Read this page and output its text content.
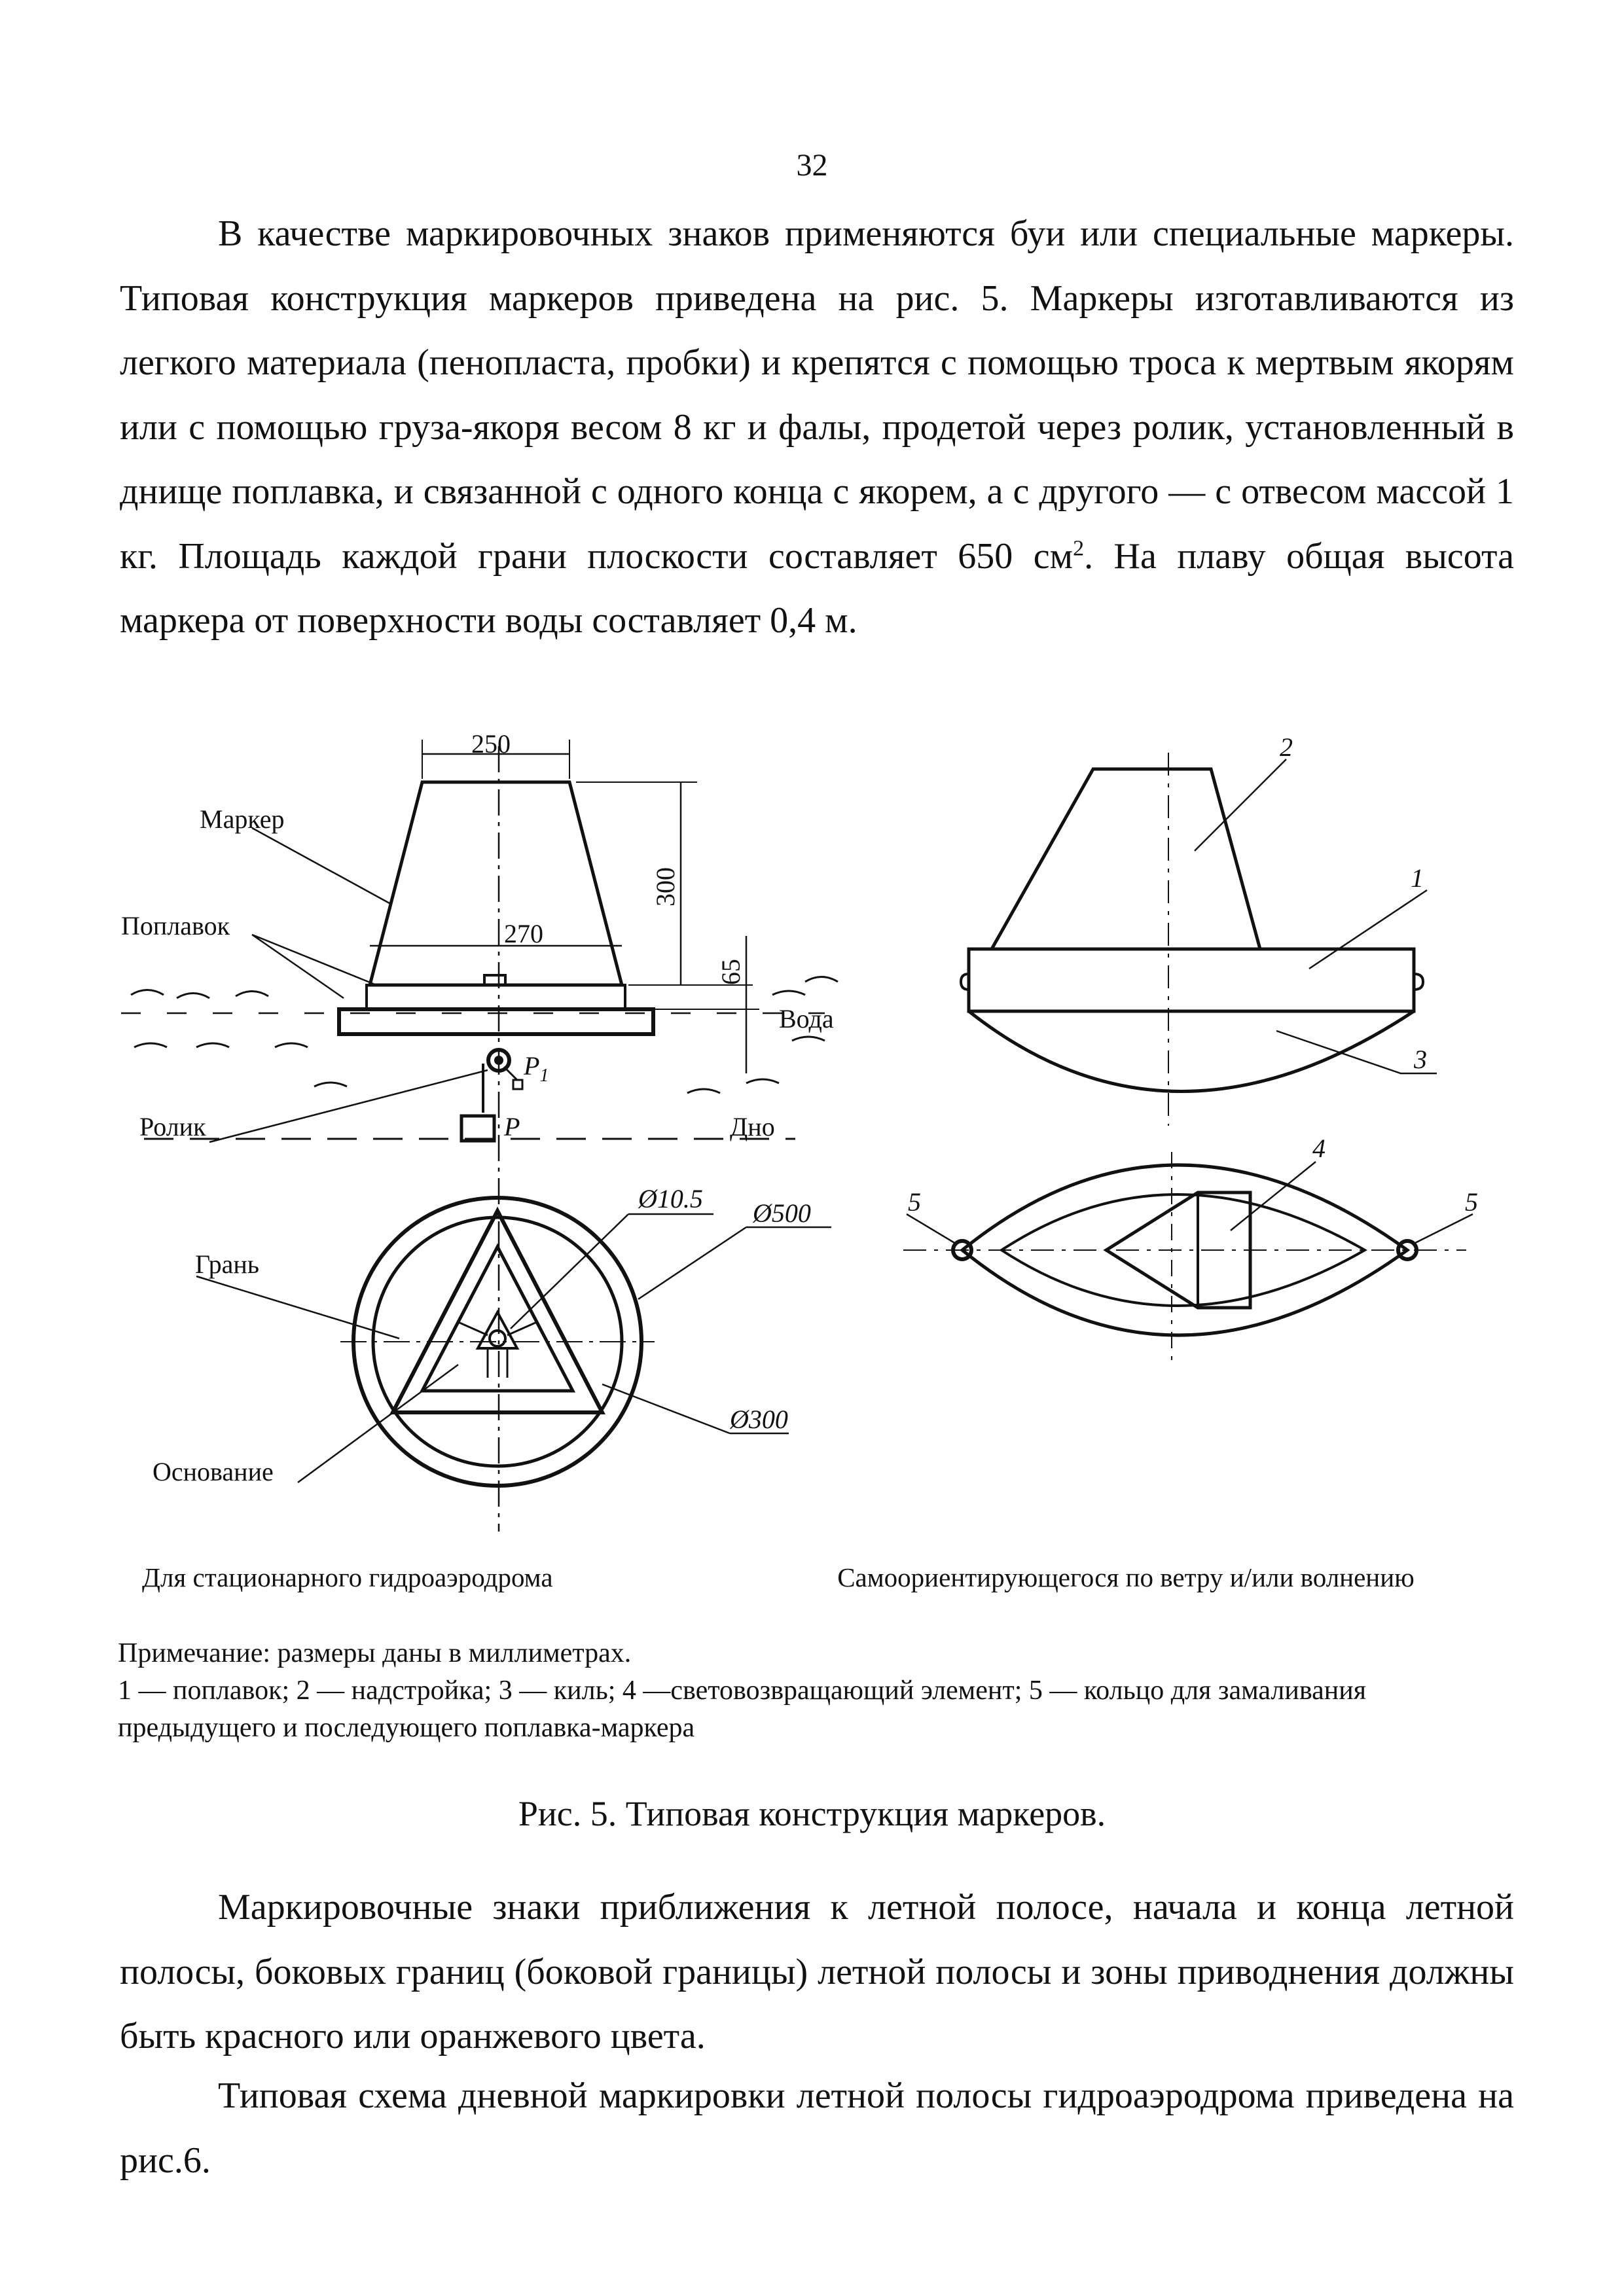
32

В качестве маркировочных знаков применяются буи или специальные маркеры. Типовая конструкция маркеров приведена на рис. 5. Маркеры изготавливаются из легкого материала (пенопласта, пробки) и крепятся с помощью троса к мертвым якорям или с помощью груза-якоря весом 8 кг и фалы, продетой через ролик, установленный в днище поплавка, и связанной с одного конца с якорем, а с другого — с отвесом массой 1 кг. Площадь каждой грани плоскости составляет 650 $см^2$. На плаву общая высота маркера от поверхности воды составляет 0,4 м.

250
Маркер
Поплавок	270
300
65
Вода
$P_1$
Ролик	P	Дно
Ø10.5 Ø500
Грань
Ø300
Основание
2
1
3
4
5	5
Для стационарного гидроаэродрома	Самоориентирующегося по ветру и/или волнению
Примечание: размеры даны в миллиметрах.
1 — поплавок; 2 — надстройка; 3 — киль; 4 —световозвращающий элемент; 5 — кольцо для замаливания предыдущего и последующего поплавка-маркера
Рис. 5. Типовая конструкция маркеров.

Маркировочные знаки приближения к летной полосе, начала и конца летной полосы, боковых границ (боковой границы) летной полосы и зоны приводнения должны быть красного или оранжевого цвета.

Типовая схема дневной маркировки летной полосы гидроаэродрома приведена на рис.6.
